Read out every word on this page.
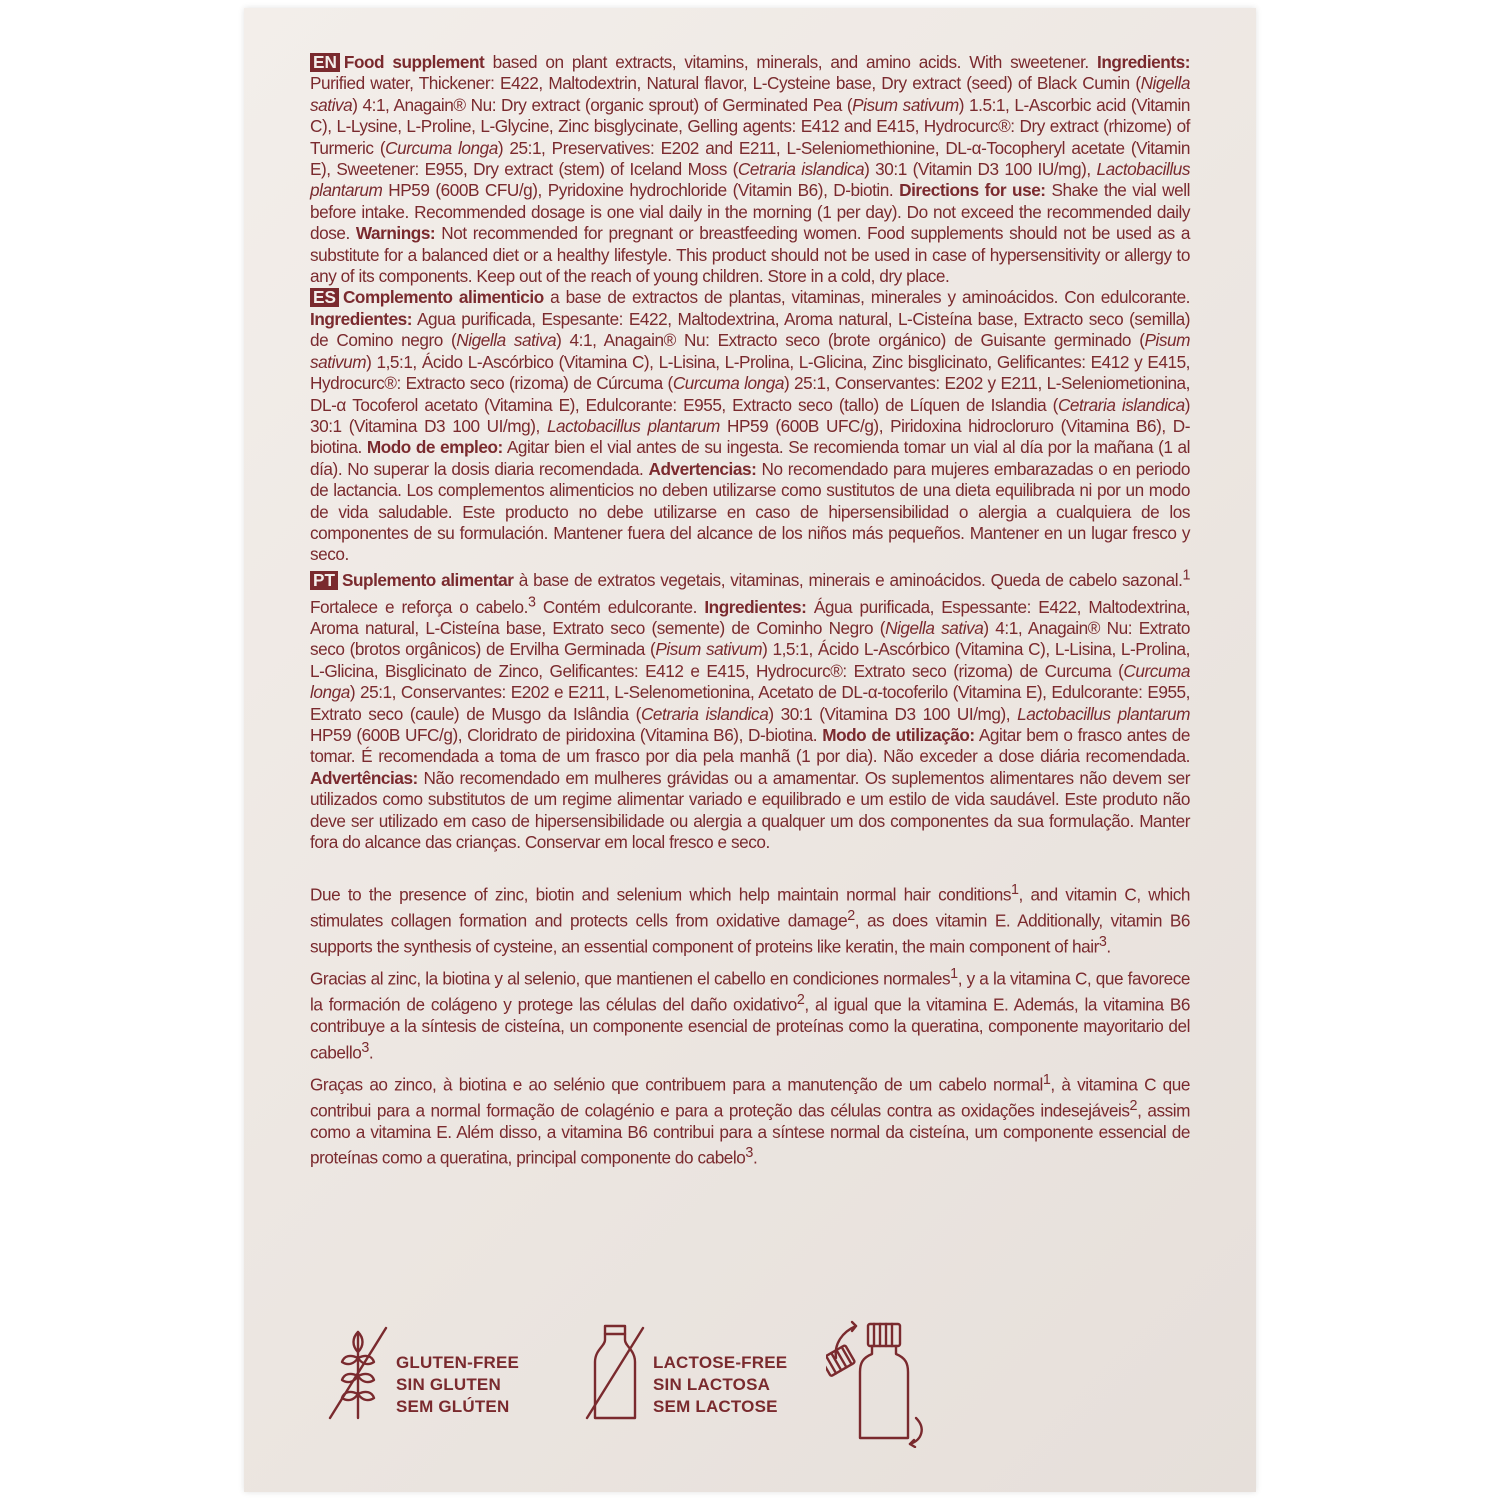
EN Food supplement based on plant extracts, vitamins, minerals, and amino acids. With sweetener. Ingredients: Purified water, Thickener: E422, Maltodextrin, Natural flavor, L-Cysteine base, Dry extract (seed) of Black Cumin (Nigella sativa) 4:1, Anagain® Nu: Dry extract (organic sprout) of Germinated Pea (Pisum sativum) 1.5:1, L-Ascorbic acid (Vitamin C), L-Lysine, L-Proline, L-Glycine, Zinc bisglycinate, Gelling agents: E412 and E415, Hydrocurc®: Dry extract (rhizome) of Turmeric (Curcuma longa) 25:1, Preservatives: E202 and E211, L-Seleniomethionine, DL-α-Tocopheryl acetate (Vitamin E), Sweetener: E955, Dry extract (stem) of Iceland Moss (Cetraria islandica) 30:1 (Vitamin D3 100 IU/mg), Lactobacillus plantarum HP59 (600B CFU/g), Pyridoxine hydrochloride (Vitamin B6), D-biotin. Directions for use: Shake the vial well before intake. Recommended dosage is one vial daily in the morning (1 per day). Do not exceed the recommended daily dose. Warnings: Not recommended for pregnant or breastfeeding women. Food supplements should not be used as a substitute for a balanced diet or a healthy lifestyle. This product should not be used in case of hypersensitivity or allergy to any of its components. Keep out of the reach of young children. Store in a cold, dry place.

ES Complemento alimenticio a base de extractos de plantas, vitaminas, minerales y aminoácidos. Con edulcorante. Ingredientes: Agua purificada, Espesante: E422, Maltodextrina, Aroma natural, L-Cisteína base, Extracto seco (semilla) de Comino negro (Nigella sativa) 4:1, Anagain® Nu: Extracto seco (brote orgánico) de Guisante germinado (Pisum sativum) 1,5:1, Ácido L-Ascórbico (Vitamina C), L-Lisina, L-Prolina, L-Glicina, Zinc bisglicinato, Gelificantes: E412 y E415, Hydrocurc®: Extracto seco (rizoma) de Cúrcuma (Curcuma longa) 25:1, Conservantes: E202 y E211, L-Seleniometionina, DL-α Tocoferol acetato (Vitamina E), Edulcorante: E955, Extracto seco (tallo) de Líquen de Islandia (Cetraria islandica) 30:1 (Vitamina D3 100 UI/mg), Lactobacillus plantarum HP59 (600B UFC/g), Piridoxina hidrocloruro (Vitamina B6), D-biotina. Modo de empleo: Agitar bien el vial antes de su ingesta. Se recomienda tomar un vial al día por la mañana (1 al día). No superar la dosis diaria recomendada. Advertencias: No recomendado para mujeres embarazadas o en periodo de lactancia. Los complementos alimenticios no deben utilizarse como sustitutos de una dieta equilibrada ni por un modo de vida saludable. Este producto no debe utilizarse en caso de hipersensibilidad o alergia a cualquiera de los componentes de su formulación. Mantener fuera del alcance de los niños más pequeños. Mantener en un lugar fresco y seco.

PT Suplemento alimentar à base de extratos vegetais, vitaminas, minerais e aminoácidos. Queda de cabelo sazonal.$^1$ Fortalece e reforça o cabelo.$^3$ Contém edulcorante. Ingredientes: Água purificada, Espessante: E422, Maltodextrina, Aroma natural, L-Cisteína base, Extrato seco (semente) de Cominho Negro (Nigella sativa) 4:1, Anagain® Nu: Extrato seco (brotos orgânicos) de Ervilha Germinada (Pisum sativum) 1,5:1, Ácido L-Ascórbico (Vitamina C), L-Lisina, L-Prolina, L-Glicina, Bisglicinato de Zinco, Gelificantes: E412 e E415, Hydrocurc®: Extrato seco (rizoma) de Curcuma (Curcuma longa) 25:1, Conservantes: E202 e E211, L-Selenometionina, Acetato de DL-α-tocoferilo (Vitamina E), Edulcorante: E955, Extrato seco (caule) de Musgo da Islândia (Cetraria islandica) 30:1 (Vitamina D3 100 UI/mg), Lactobacillus plantarum HP59 (600B UFC/g), Cloridrato de piridoxina (Vitamina B6), D-biotina. Modo de utilização: Agitar bem o frasco antes de tomar. É recomendada a toma de um frasco por dia pela manhã (1 por dia). Não exceder a dose diária recomendada. Advertências: Não recomendado em mulheres grávidas ou a amamentar. Os suplementos alimentares não devem ser utilizados como substitutos de um regime alimentar variado e equilibrado e um estilo de vida saudável. Este produto não deve ser utilizado em caso de hipersensibilidade ou alergia a qualquer um dos componentes da sua formulação. Manter fora do alcance das crianças. Conservar em local fresco e seco.

Due to the presence of zinc, biotin and selenium which help maintain normal hair conditions$^1$, and vitamin C, which stimulates collagen formation and protects cells from oxidative damage$^2$, as does vitamin E. Additionally, vitamin B6 supports the synthesis of cysteine, an essential component of proteins like keratin, the main component of hair$^3$.

Gracias al zinc, la biotina y al selenio, que mantienen el cabello en condiciones normales$^1$, y a la vitamina C, que favorece la formación de colágeno y protege las células del daño oxidativo$^2$, al igual que la vitamina E. Además, la vitamina B6 contribuye a la síntesis de cisteína, un componente esencial de proteínas como la queratina, componente mayoritario del cabello$^3$.

Graças ao zinco, à biotina e ao selénio que contribuem para a manutenção de um cabelo normal$^1$, à vitamina C que contribui para a normal formação de colagénio e para a proteção das células contra as oxidações indesejáveis$^2$, assim como a vitamina E. Além disso, a vitamina B6 contribui para a síntese normal da cisteína, um componente essencial de proteínas como a queratina, principal componente do cabelo$^3$.

GLUTEN-FREE
SIN GLUTEN
SEM GLÚTEN
LACTOSE-FREE
SIN LACTOSA
SEM LACTOSE
